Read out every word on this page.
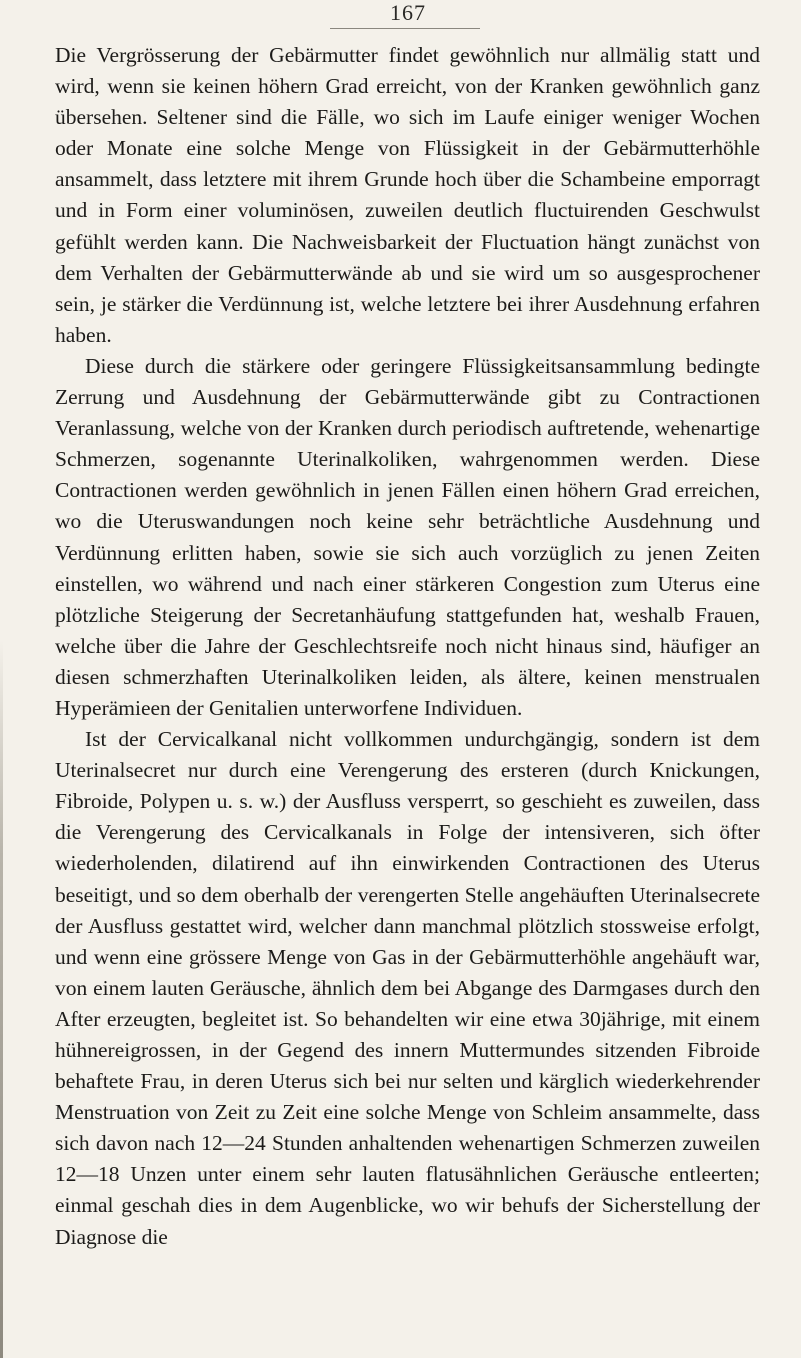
167

Die Vergrösserung der Gebärmutter findet gewöhnlich nur allmälig statt und wird, wenn sie keinen höhern Grad erreicht, von der Kranken gewöhnlich ganz übersehen. Seltener sind die Fälle, wo sich im Laufe einiger weniger Wochen oder Monate eine solche Menge von Flüssigkeit in der Gebärmutterhöhle ansammelt, dass letztere mit ihrem Grunde hoch über die Schambeine emporragt und in Form einer voluminösen, zuweilen deutlich fluctuirenden Geschwulst gefühlt werden kann. Die Nachweisbarkeit der Fluctuation hängt zunächst von dem Verhalten der Gebärmutterwände ab und sie wird um so ausgesprochener sein, je stärker die Verdünnung ist, welche letztere bei ihrer Ausdehnung erfahren haben.

Diese durch die stärkere oder geringere Flüssigkeitsansammlung bedingte Zerrung und Ausdehnung der Gebärmutterwände gibt zu Contractionen Veranlassung, welche von der Kranken durch periodisch auftretende, wehenartige Schmerzen, sogenannte Uterinalkoliken, wahrgenommen werden. Diese Contractionen werden gewöhnlich in jenen Fällen einen höhern Grad erreichen, wo die Uteruswandungen noch keine sehr beträchtliche Ausdehnung und Verdünnung erlitten haben, sowie sie sich auch vorzüglich zu jenen Zeiten einstellen, wo während und nach einer stärkeren Congestion zum Uterus eine plötzliche Steigerung der Secretanhäufung stattgefunden hat, weshalb Frauen, welche über die Jahre der Geschlechtsreife noch nicht hinaus sind, häufiger an diesen schmerzhaften Uterinalkoliken leiden, als ältere, keinen menstrualen Hyperämieen der Genitalien unterworfene Individuen.

Ist der Cervicalkanal nicht vollkommen undurchgängig, sondern ist dem Uterinalsecret nur durch eine Verengerung des ersteren (durch Knickungen, Fibroide, Polypen u. s. w.) der Ausfluss versperrt, so geschieht es zuweilen, dass die Verengerung des Cervicalkanals in Folge der intensiveren, sich öfter wiederholenden, dilatirend auf ihn einwirkenden Contractionen des Uterus beseitigt, und so dem oberhalb der verengerten Stelle angehäuften Uterinalsecrete der Ausfluss gestattet wird, welcher dann manchmal plötzlich stossweise erfolgt, und wenn eine grössere Menge von Gas in der Gebärmutterhöhle angehäuft war, von einem lauten Geräusche, ähnlich dem bei Abgange des Darmgases durch den After erzeugten, begleitet ist. So behandelten wir eine etwa 30jährige, mit einem hühnereigrossen, in der Gegend des innern Muttermundes sitzenden Fibroide behaftete Frau, in deren Uterus sich bei nur selten und kärglich wiederkehrender Menstruation von Zeit zu Zeit eine solche Menge von Schleim ansammelte, dass sich davon nach 12—24 Stunden anhaltenden wehenartigen Schmerzen zuweilen 12—18 Unzen unter einem sehr lauten flatusähnlichen Geräusche entleerten; einmal geschah dies in dem Augenblicke, wo wir behufs der Sicherstellung der Diagnose die
